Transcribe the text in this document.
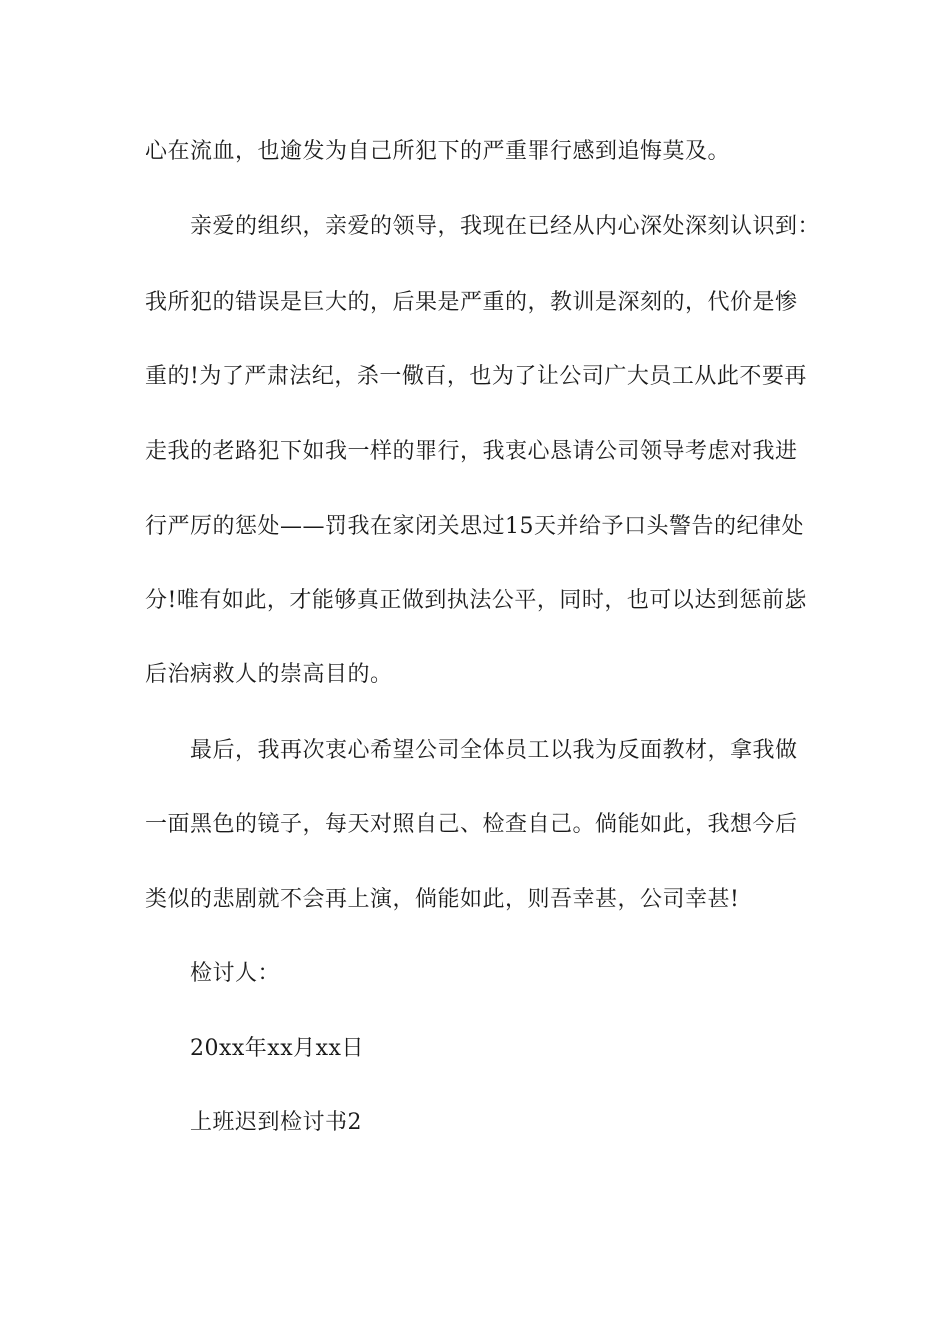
心在流血，也逾发为自己所犯下的严重罪行感到追悔莫及。
亲爱的组织，亲爱的领导，我现在已经从内心深处深刻认识到：
我所犯的错误是巨大的，后果是严重的，教训是深刻的，代价是惨
重的!为了严肃法纪，杀一儆百，也为了让公司广大员工从此不要再
走我的老路犯下如我一样的罪行，我衷心恳请公司领导考虑对我进
行严厉的惩处——罚我在家闭关思过15天并给予口头警告的纪律处
分!唯有如此，才能够真正做到执法公平，同时，也可以达到惩前毖
后治病救人的崇高目的。
最后，我再次衷心希望公司全体员工以我为反面教材，拿我做
一面黑色的镜子，每天对照自己、检查自己。倘能如此，我想今后
类似的悲剧就不会再上演，倘能如此，则吾幸甚，公司幸甚!
检讨人：
20xx年xx月xx日
上班迟到检讨书2
